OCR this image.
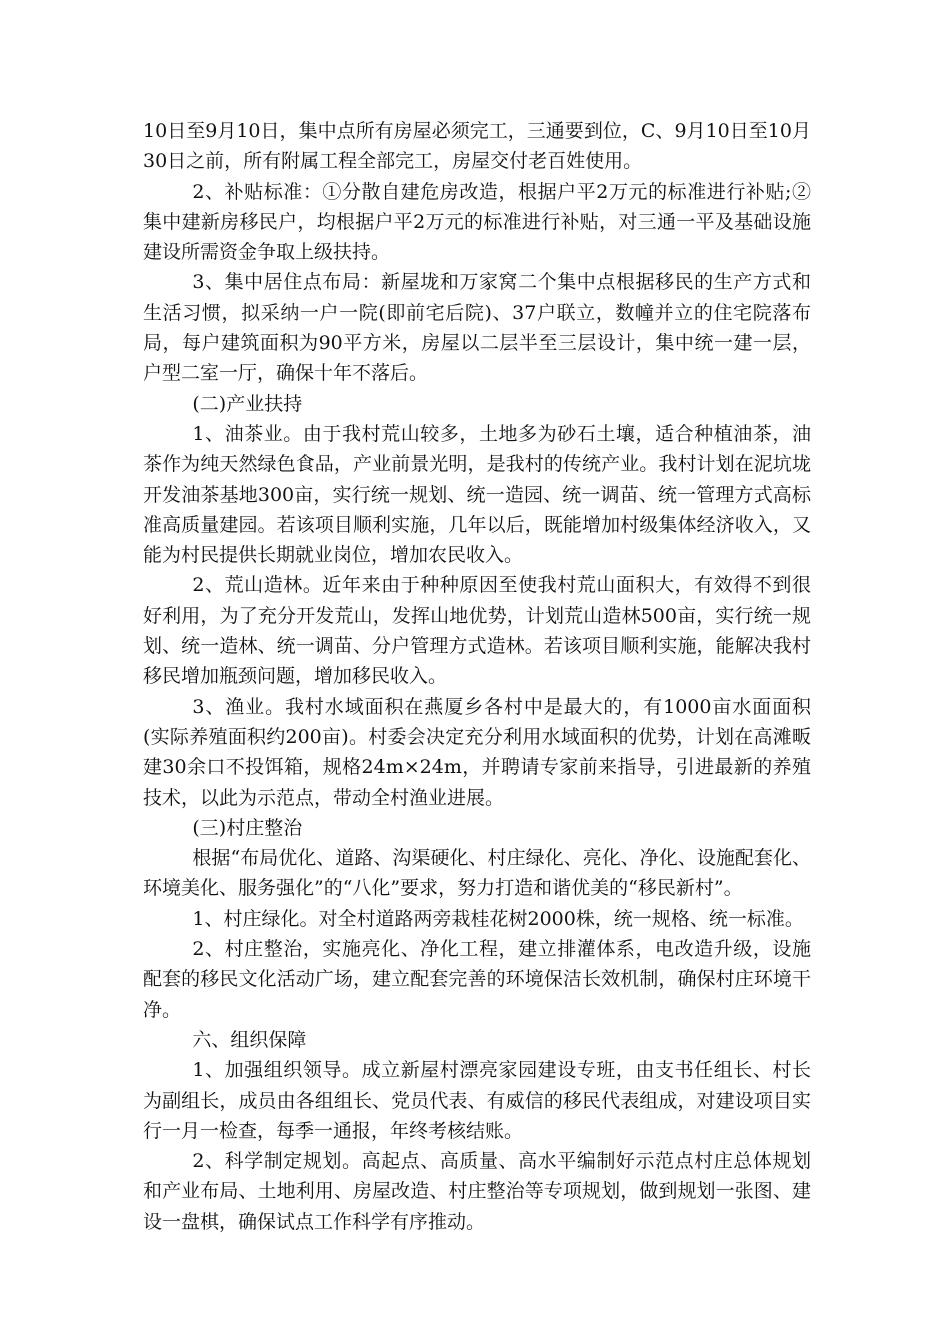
10日至9月10日，集中点所有房屋必须完工，三通要到位，C、9月10日至10月30日之前，所有附属工程全部完工，房屋交付老百姓使用。

2、补贴标准：①分散自建危房改造，根据户平2万元的标准进行补贴;② 集中建新房移民户，均根据户平2万元的标准进行补贴，对三通一平及基础设施建设所需资金争取上级扶持。

3、集中居住点布局：新屋垅和万家窝二个集中点根据移民的生产方式和生活习惯，拟采纳一户一院(即前宅后院)、37户联立，数幢并立的住宅院落布局，每户建筑面积为90平方米，房屋以二层半至三层设计，集中统一建一层，户型二室一厅，确保十年不落后。

(二)产业扶持

1、油茶业。由于我村荒山较多，土地多为砂石土壤，适合种植油茶，油茶作为纯天然绿色食品，产业前景光明，是我村的传统产业。我村计划在泥坑垅开发油茶基地300亩，实行统一规划、统一造园、统一调苗、统一管理方式高标准高质量建园。若该项目顺利实施，几年以后，既能增加村级集体经济收入，又能为村民提供长期就业岗位，增加农民收入。

2、荒山造林。近年来由于种种原因至使我村荒山面积大，有效得不到很好利用，为了充分开发荒山，发挥山地优势，计划荒山造林500亩，实行统一规划、统一造林、统一调苗、分户管理方式造林。若该项目顺利实施，能解决我村移民增加瓶颈问题，增加移民收入。

3、渔业。我村水域面积在燕厦乡各村中是最大的，有1000亩水面面积(实际养殖面积约200亩)。村委会决定充分利用水域面积的优势，计划在高滩畈建30余口不投饵箱，规格24m×24m，并聘请专家前来指导，引进最新的养殖技术，以此为示范点，带动全村渔业进展。

(三)村庄整治

根据“布局优化、道路、沟渠硬化、村庄绿化、亮化、净化、设施配套化、环境美化、服务强化”的“八化”要求，努力打造和谐优美的“移民新村”。

1、村庄绿化。对全村道路两旁栽桂花树2000株，统一规格、统一标准。

2、村庄整治，实施亮化、净化工程，建立排灌体系，电改造升级，设施配套的移民文化活动广场，建立配套完善的环境保洁长效机制，确保村庄环境干净。

六、组织保障

1、加强组织领导。成立新屋村漂亮家园建设专班，由支书任组长、村长为副组长，成员由各组组长、党员代表、有威信的移民代表组成，对建设项目实行一月一检查，每季一通报，年终考核结账。

2、科学制定规划。高起点、高质量、高水平编制好示范点村庄总体规划和产业布局、土地利用、房屋改造、村庄整治等专项规划，做到规划一张图、建设一盘棋，确保试点工作科学有序推动。
